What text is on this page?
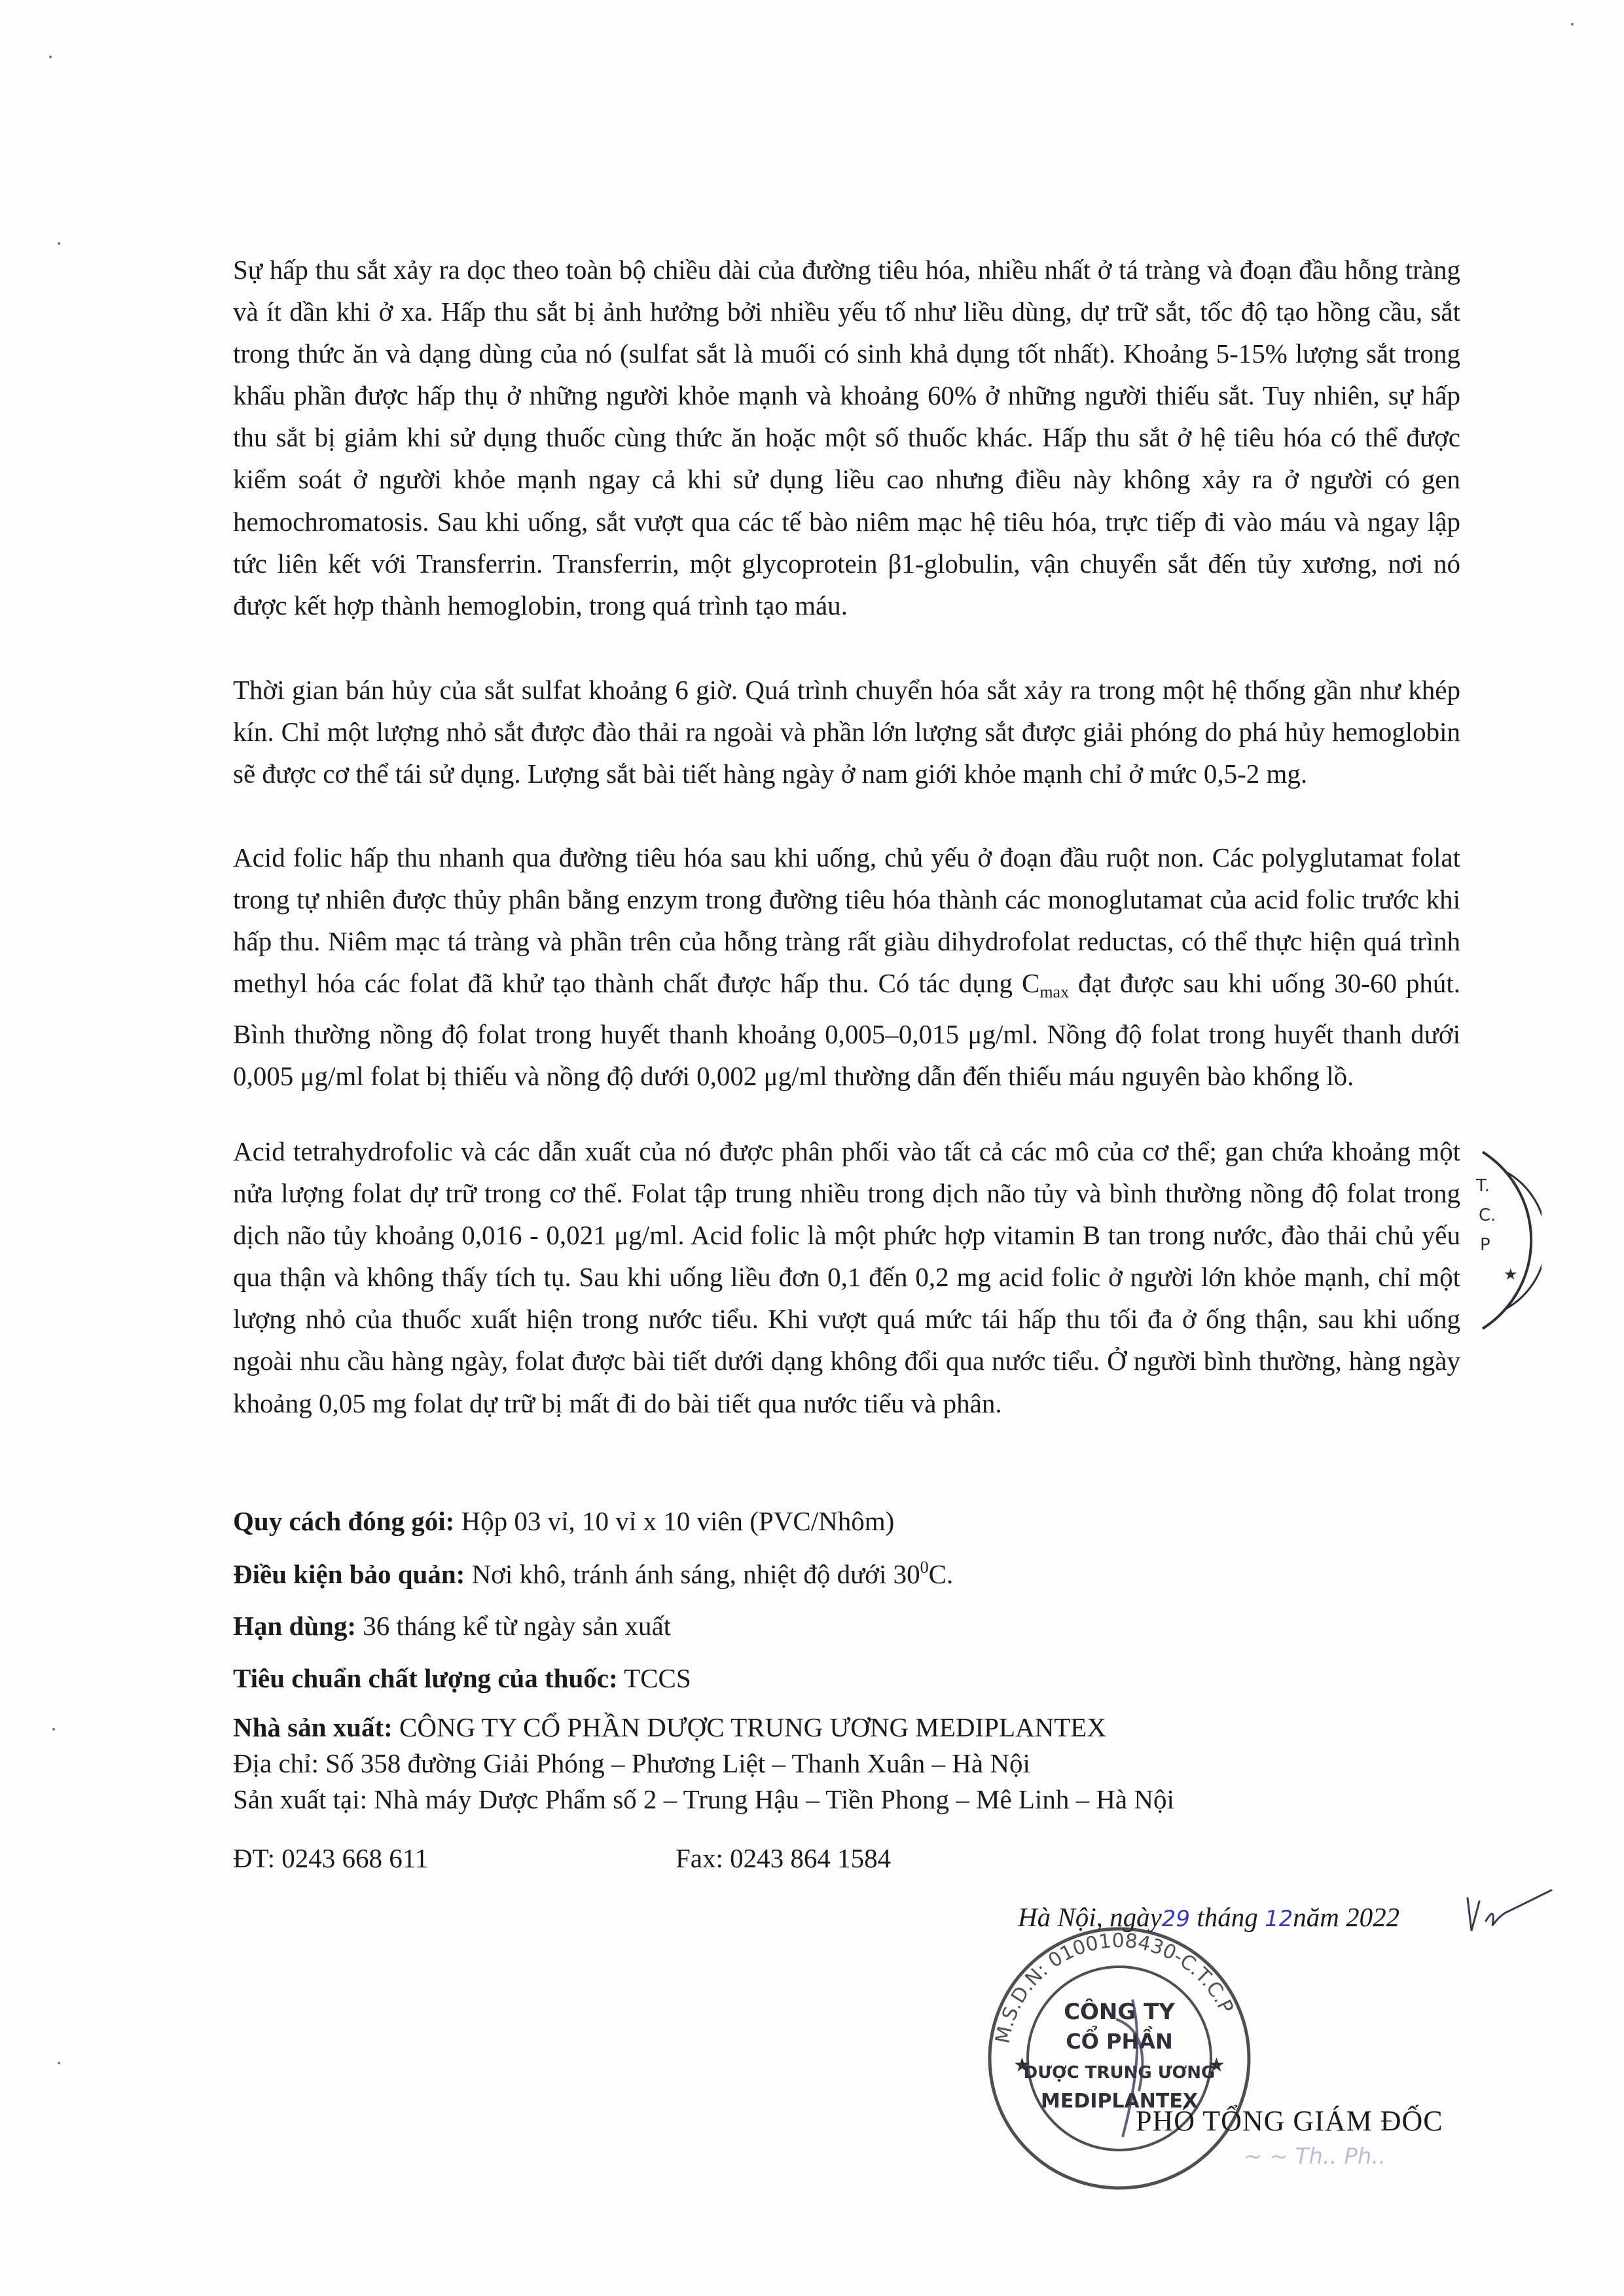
Sự hấp thu sắt xảy ra dọc theo toàn bộ chiều dài của đường tiêu hóa, nhiều nhất ở tá tràng và đoạn đầu hỗng tràng và ít dần khi ở xa. Hấp thu sắt bị ảnh hưởng bởi nhiều yếu tố như liều dùng, dự trữ sắt, tốc độ tạo hồng cầu, sắt trong thức ăn và dạng dùng của nó (sulfat sắt là muối có sinh khả dụng tốt nhất). Khoảng 5-15% lượng sắt trong khẩu phần được hấp thụ ở những người khỏe mạnh và khoảng 60% ở những người thiếu sắt. Tuy nhiên, sự hấp thu sắt bị giảm khi sử dụng thuốc cùng thức ăn hoặc một số thuốc khác. Hấp thu sắt ở hệ tiêu hóa có thể được kiểm soát ở người khỏe mạnh ngay cả khi sử dụng liều cao nhưng điều này không xảy ra ở người có gen hemochromatosis. Sau khi uống, sắt vượt qua các tế bào niêm mạc hệ tiêu hóa, trực tiếp đi vào máu và ngay lập tức liên kết với Transferrin. Transferrin, một glycoprotein β1-globulin, vận chuyển sắt đến tủy xương, nơi nó được kết hợp thành hemoglobin, trong quá trình tạo máu.

Thời gian bán hủy của sắt sulfat khoảng 6 giờ. Quá trình chuyển hóa sắt xảy ra trong một hệ thống gần như khép kín. Chỉ một lượng nhỏ sắt được đào thải ra ngoài và phần lớn lượng sắt được giải phóng do phá hủy hemoglobin sẽ được cơ thể tái sử dụng. Lượng sắt bài tiết hàng ngày ở nam giới khỏe mạnh chỉ ở mức 0,5-2 mg.

Acid folic hấp thu nhanh qua đường tiêu hóa sau khi uống, chủ yếu ở đoạn đầu ruột non. Các polyglutamat folat trong tự nhiên được thủy phân bằng enzym trong đường tiêu hóa thành các monoglutamat của acid folic trước khi hấp thu. Niêm mạc tá tràng và phần trên của hỗng tràng rất giàu dihydrofolat reductas, có thể thực hiện quá trình methyl hóa các folat đã khử tạo thành chất được hấp thu. Có tác dụng $C_{max}$ đạt được sau khi uống 30-60 phút. Bình thường nồng độ folat trong huyết thanh khoảng 0,005–0,015 μg/ml. Nồng độ folat trong huyết thanh dưới 0,005 μg/ml folat bị thiếu và nồng độ dưới 0,002 μg/ml thường dẫn đến thiếu máu nguyên bào khổng lồ.

Acid tetrahydrofolic và các dẫn xuất của nó được phân phối vào tất cả các mô của cơ thể; gan chứa khoảng một nửa lượng folat dự trữ trong cơ thể. Folat tập trung nhiều trong dịch não tủy và bình thường nồng độ folat trong dịch não tủy khoảng 0,016 - 0,021 μg/ml. Acid folic là một phức hợp vitamin B tan trong nước, đào thải chủ yếu qua thận và không thấy tích tụ. Sau khi uống liều đơn 0,1 đến 0,2 mg acid folic ở người lớn khỏe mạnh, chỉ một lượng nhỏ của thuốc xuất hiện trong nước tiểu. Khi vượt quá mức tái hấp thu tối đa ở ống thận, sau khi uống ngoài nhu cầu hàng ngày, folat được bài tiết dưới dạng không đổi qua nước tiểu. Ở người bình thường, hàng ngày khoảng 0,05 mg folat dự trữ bị mất đi do bài tiết qua nước tiểu và phân.

Quy cách đóng gói: Hộp 03 vỉ, 10 vỉ x 10 viên (PVC/Nhôm)

Điều kiện bảo quản: Nơi khô, tránh ánh sáng, nhiệt độ dưới $30^0C$.

Hạn dùng: 36 tháng kể từ ngày sản xuất

Tiêu chuẩn chất lượng của thuốc: TCCS

Nhà sản xuất: CÔNG TY CỔ PHẦN DƯỢC TRUNG ƯƠNG MEDIPLANTEX

Địa chỉ: Số 358 đường Giải Phóng – Phương Liệt – Thanh Xuân – Hà Nội

Sản xuất tại: Nhà máy Dược Phẩm số 2 – Trung Hậu – Tiền Phong – Mê Linh – Hà Nội

ĐT: 0243 668 611	Fax: 0243 864 1584

Hà Nội, ngày29 tháng 12năm 2022
M.S.D.N: 0100108430-C.T.C.P
CÔNG TY
CỔ PHẦN
DƯỢC TRUNG ƯƠNG
MEDIPLANTEX
★	★
PHÓ TỔNG GIÁM ĐỐC
~ ~ Th.. Ph..
T.
C.
P
★
